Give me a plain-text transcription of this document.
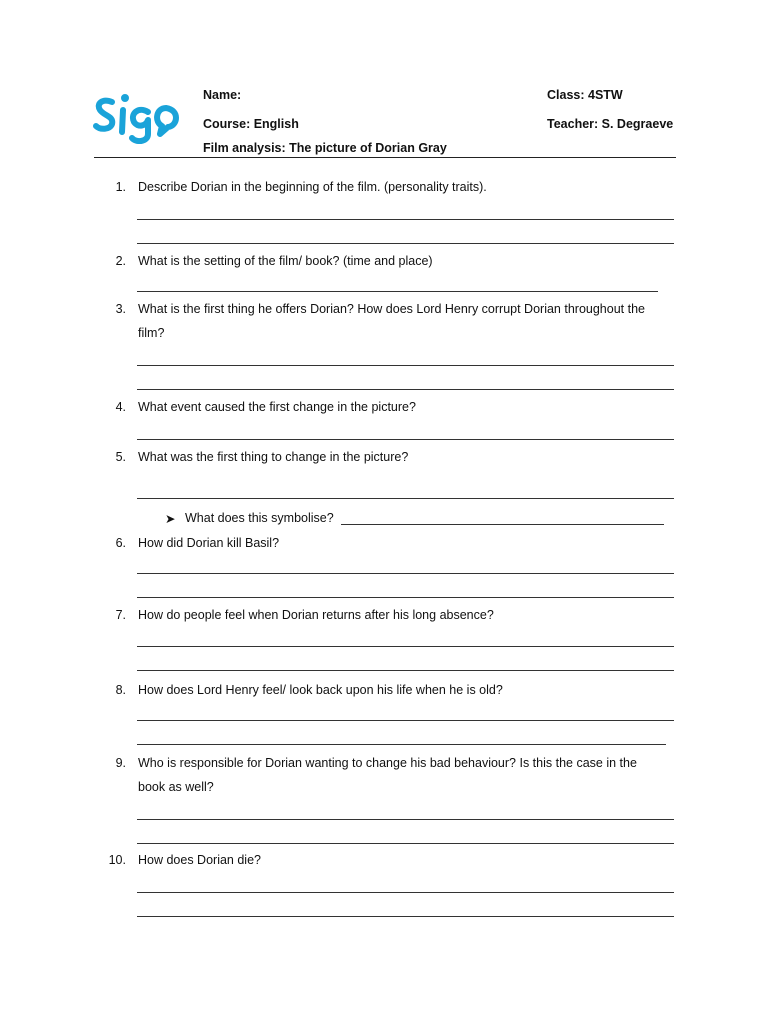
Name:	Class: 4STW
Course: English	Teacher: S. Degraeve
Film analysis: The picture of Dorian Gray
1. Describe Dorian in the beginning of the film. (personality traits).
2. What is the setting of the film/ book? (time and place)
3. What is the first thing he offers Dorian? How does Lord Henry corrupt Dorian throughout the
film?
4. What event caused the first change in the picture?
5. What was the first thing to change in the picture?
➤ What does this symbolise?
6. How did Dorian kill Basil?
7. How do people feel when Dorian returns after his long absence?
8. How does Lord Henry feel/ look back upon his life when he is old?
9. Who is responsible for Dorian wanting to change his bad behaviour? Is this the case in the
book as well?
10. How does Dorian die?
